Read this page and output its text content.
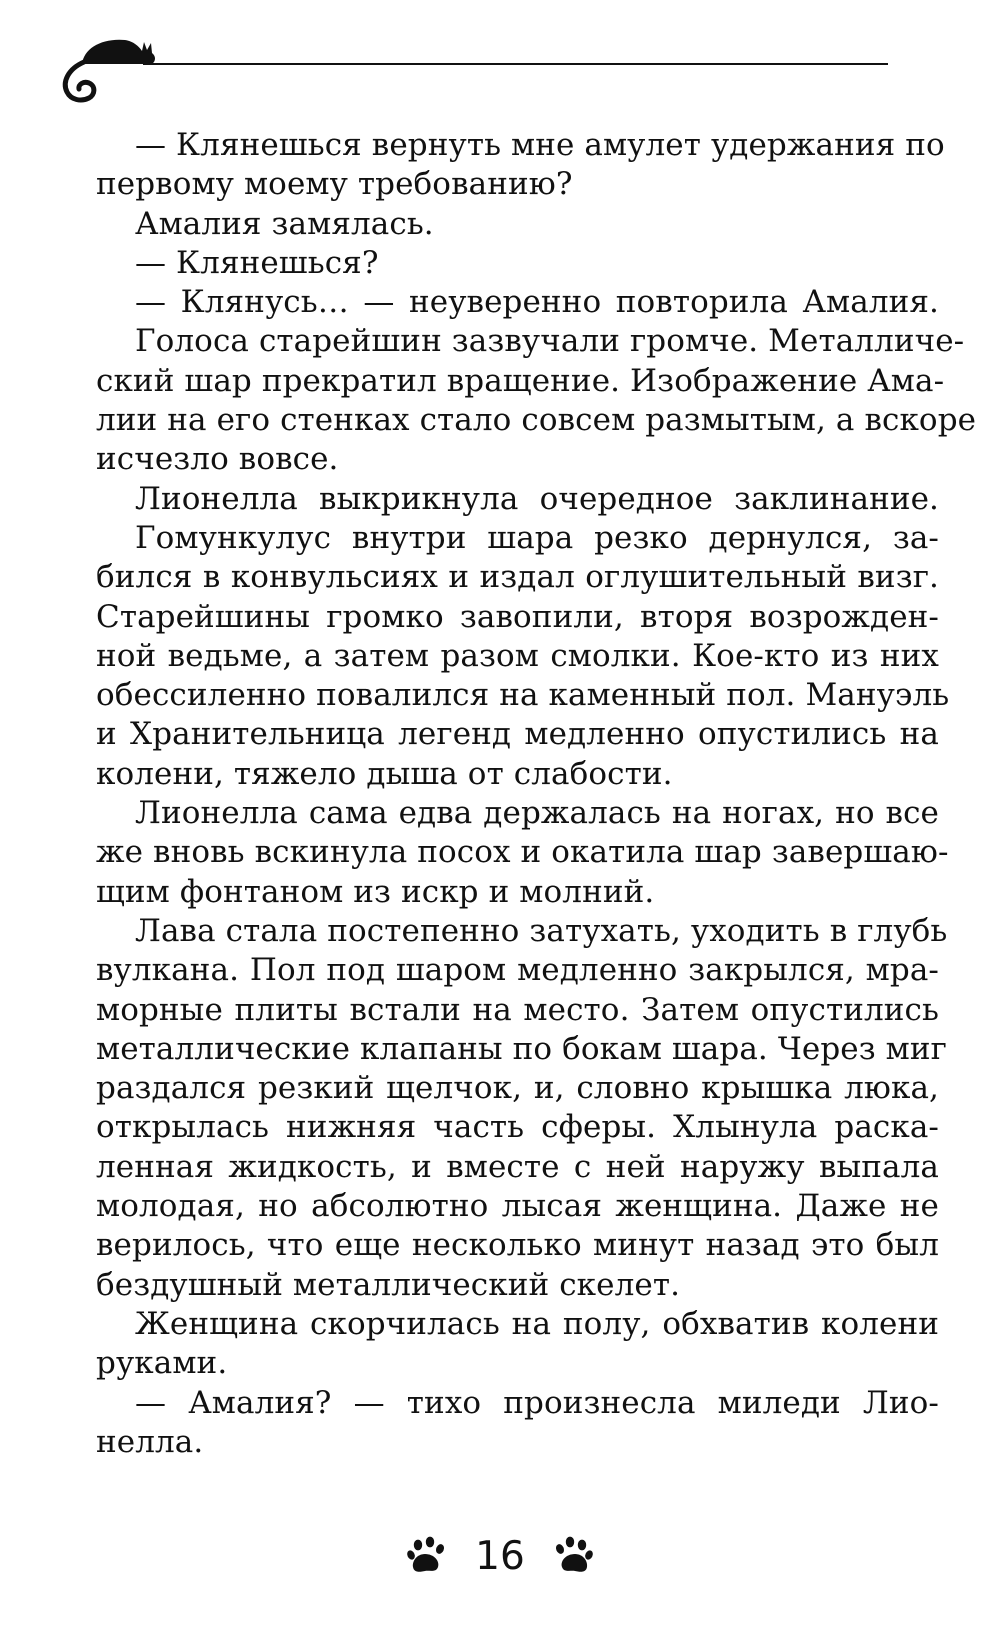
— Клянешься вернуть мне амулет удержания по
первому моему требованию?
Амалия замялась.
— Клянешься?
— Клянусь… — неуверенно повторила Амалия.
Голоса старейшин зазвучали громче. Металличе-
ский шар прекратил вращение. Изображение Ама-
лии на его стенках стало совсем размытым, а вскоре
исчезло вовсе.
Лионелла выкрикнула очередное заклинание.
Гомункулус внутри шара резко дернулся, за-
бился в конвульсиях и издал оглушительный визг.
Старейшины громко завопили, вторя возрожден-
ной ведьме, а затем разом смолки. Кое-кто из них
обессиленно повалился на каменный пол. Мануэль
и Хранительница легенд медленно опустились на
колени, тяжело дыша от слабости.
Лионелла сама едва держалась на ногах, но все
же вновь вскинула посох и окатила шар завершаю-
щим фонтаном из искр и молний.
Лава стала постепенно затухать, уходить в глубь
вулкана. Пол под шаром медленно закрылся, мра-
морные плиты встали на место. Затем опустились
металлические клапаны по бокам шара. Через миг
раздался резкий щелчок, и, словно крышка люка,
открылась нижняя часть сферы. Хлынула раска-
ленная жидкость, и вместе с ней наружу выпала
молодая, но абсолютно лысая женщина. Даже не
верилось, что еще несколько минут назад это был
бездушный металлический скелет.
Женщина скорчилась на полу, обхватив колени
руками.
— Амалия? — тихо произнесла миледи Лио-
нелла.
16
